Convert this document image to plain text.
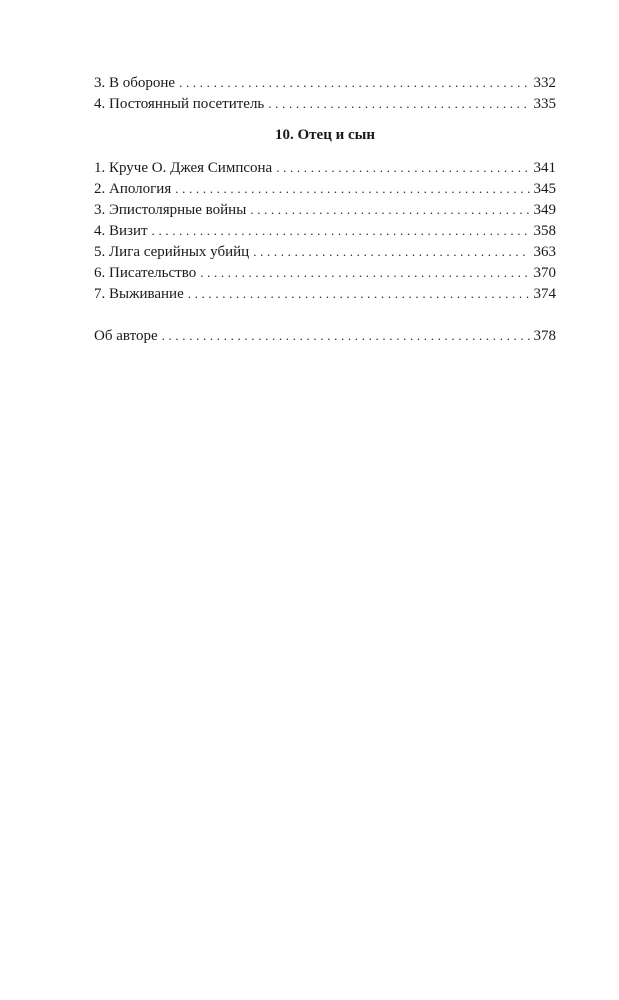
3. В обороне . . .	332
4. Постоянный посетитель . . .	335
10. Отец и сын
1. Круче О. Джея Симпсона . . .	341
2. Апология . . .	345
3. Эпистолярные войны . . .	349
4. Визит . . .	358
5. Лига серийных убийц . . .	363
6. Писательство . . .	370
7. Выживание . . .	374
Об авторе . . .	378
